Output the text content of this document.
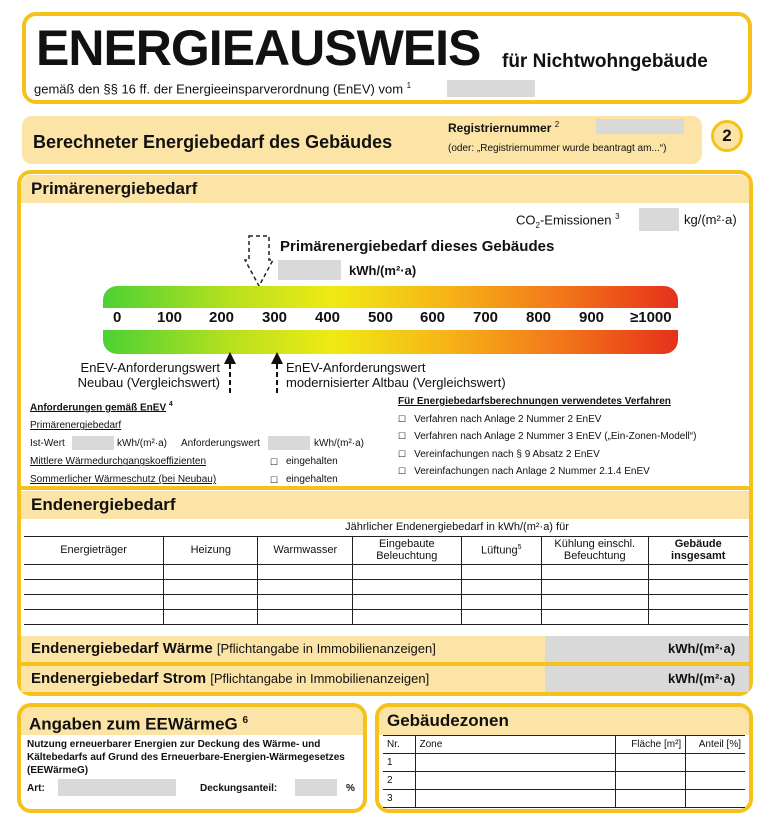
ENERGIEAUSWEIS für Nichtwohngebäude
gemäß den §§ 16 ff. der Energieeinsparverordnung (EnEV) vom $^1$
Berechneter Energiebedarf des Gebäudes
Registriernummer $^2$
(oder: „Registriernummer wurde beantragt am...“)
2
Primärenergiebedarf
$CO_2$-Emissionen $^3$	kg/(m²·a)
Primärenergiebedarf dieses Gebäudes
kWh/(m²·a)
0 100 200 300 400 500 600 700 800 900 ≥1000
EnEV-Anforderungswert
Neubau (Vergleichswert)
EnEV-Anforderungswert
modernisierter Altbau (Vergleichswert)
Anforderungen gemäß EnEV $^4$
Primärenergiebedarf
Ist-Wert	kWh/(m²·a) Anforderungswert	kWh/(m²·a)
Mittlere Wärmedurchgangskoeffizienten	☐ eingehalten
Sommerlicher Wärmeschutz (bei Neubau)	☐ eingehalten
Für Energiebedarfsberechnungen verwendetes Verfahren
☐ Verfahren nach Anlage 2 Nummer 2 EnEV
☐ Verfahren nach Anlage 2 Nummer 3 EnEV („Ein-Zonen-Modell“)
☐ Vereinfachungen nach § 9 Absatz 2 EnEV
☐ Vereinfachungen nach Anlage 2 Nummer 2.1.4 EnEV
Endenergiebedarf
Jährlicher Endenergiebedarf in kWh/(m²·a) für

Energieträger	Heizung	Warmwasser	Eingebaute Beleuchtung	Lüftung$^5$	Kühlung einschl. Befeuchtung	Gebäude insgesamt

Endenergiebedarf Wärme [Pflichtangabe in Immobilienanzeigen]	kWh/(m²·a)
Endenergiebedarf Strom [Pflichtangabe in Immobilienanzeigen]	kWh/(m²·a)
Angaben zum EEWärmeG $^6$
Nutzung erneuerbarer Energien zur Deckung des Wärme- und Kältebedarfs auf Grund des Erneuerbare-Energien-Wärmegesetzes (EEWärmeG)
Art:	Deckungsanteil:	%
Gebäudezonen
Nr.	Zone	Fläche [m²]	Anteil [%]
1			
2			
3			
